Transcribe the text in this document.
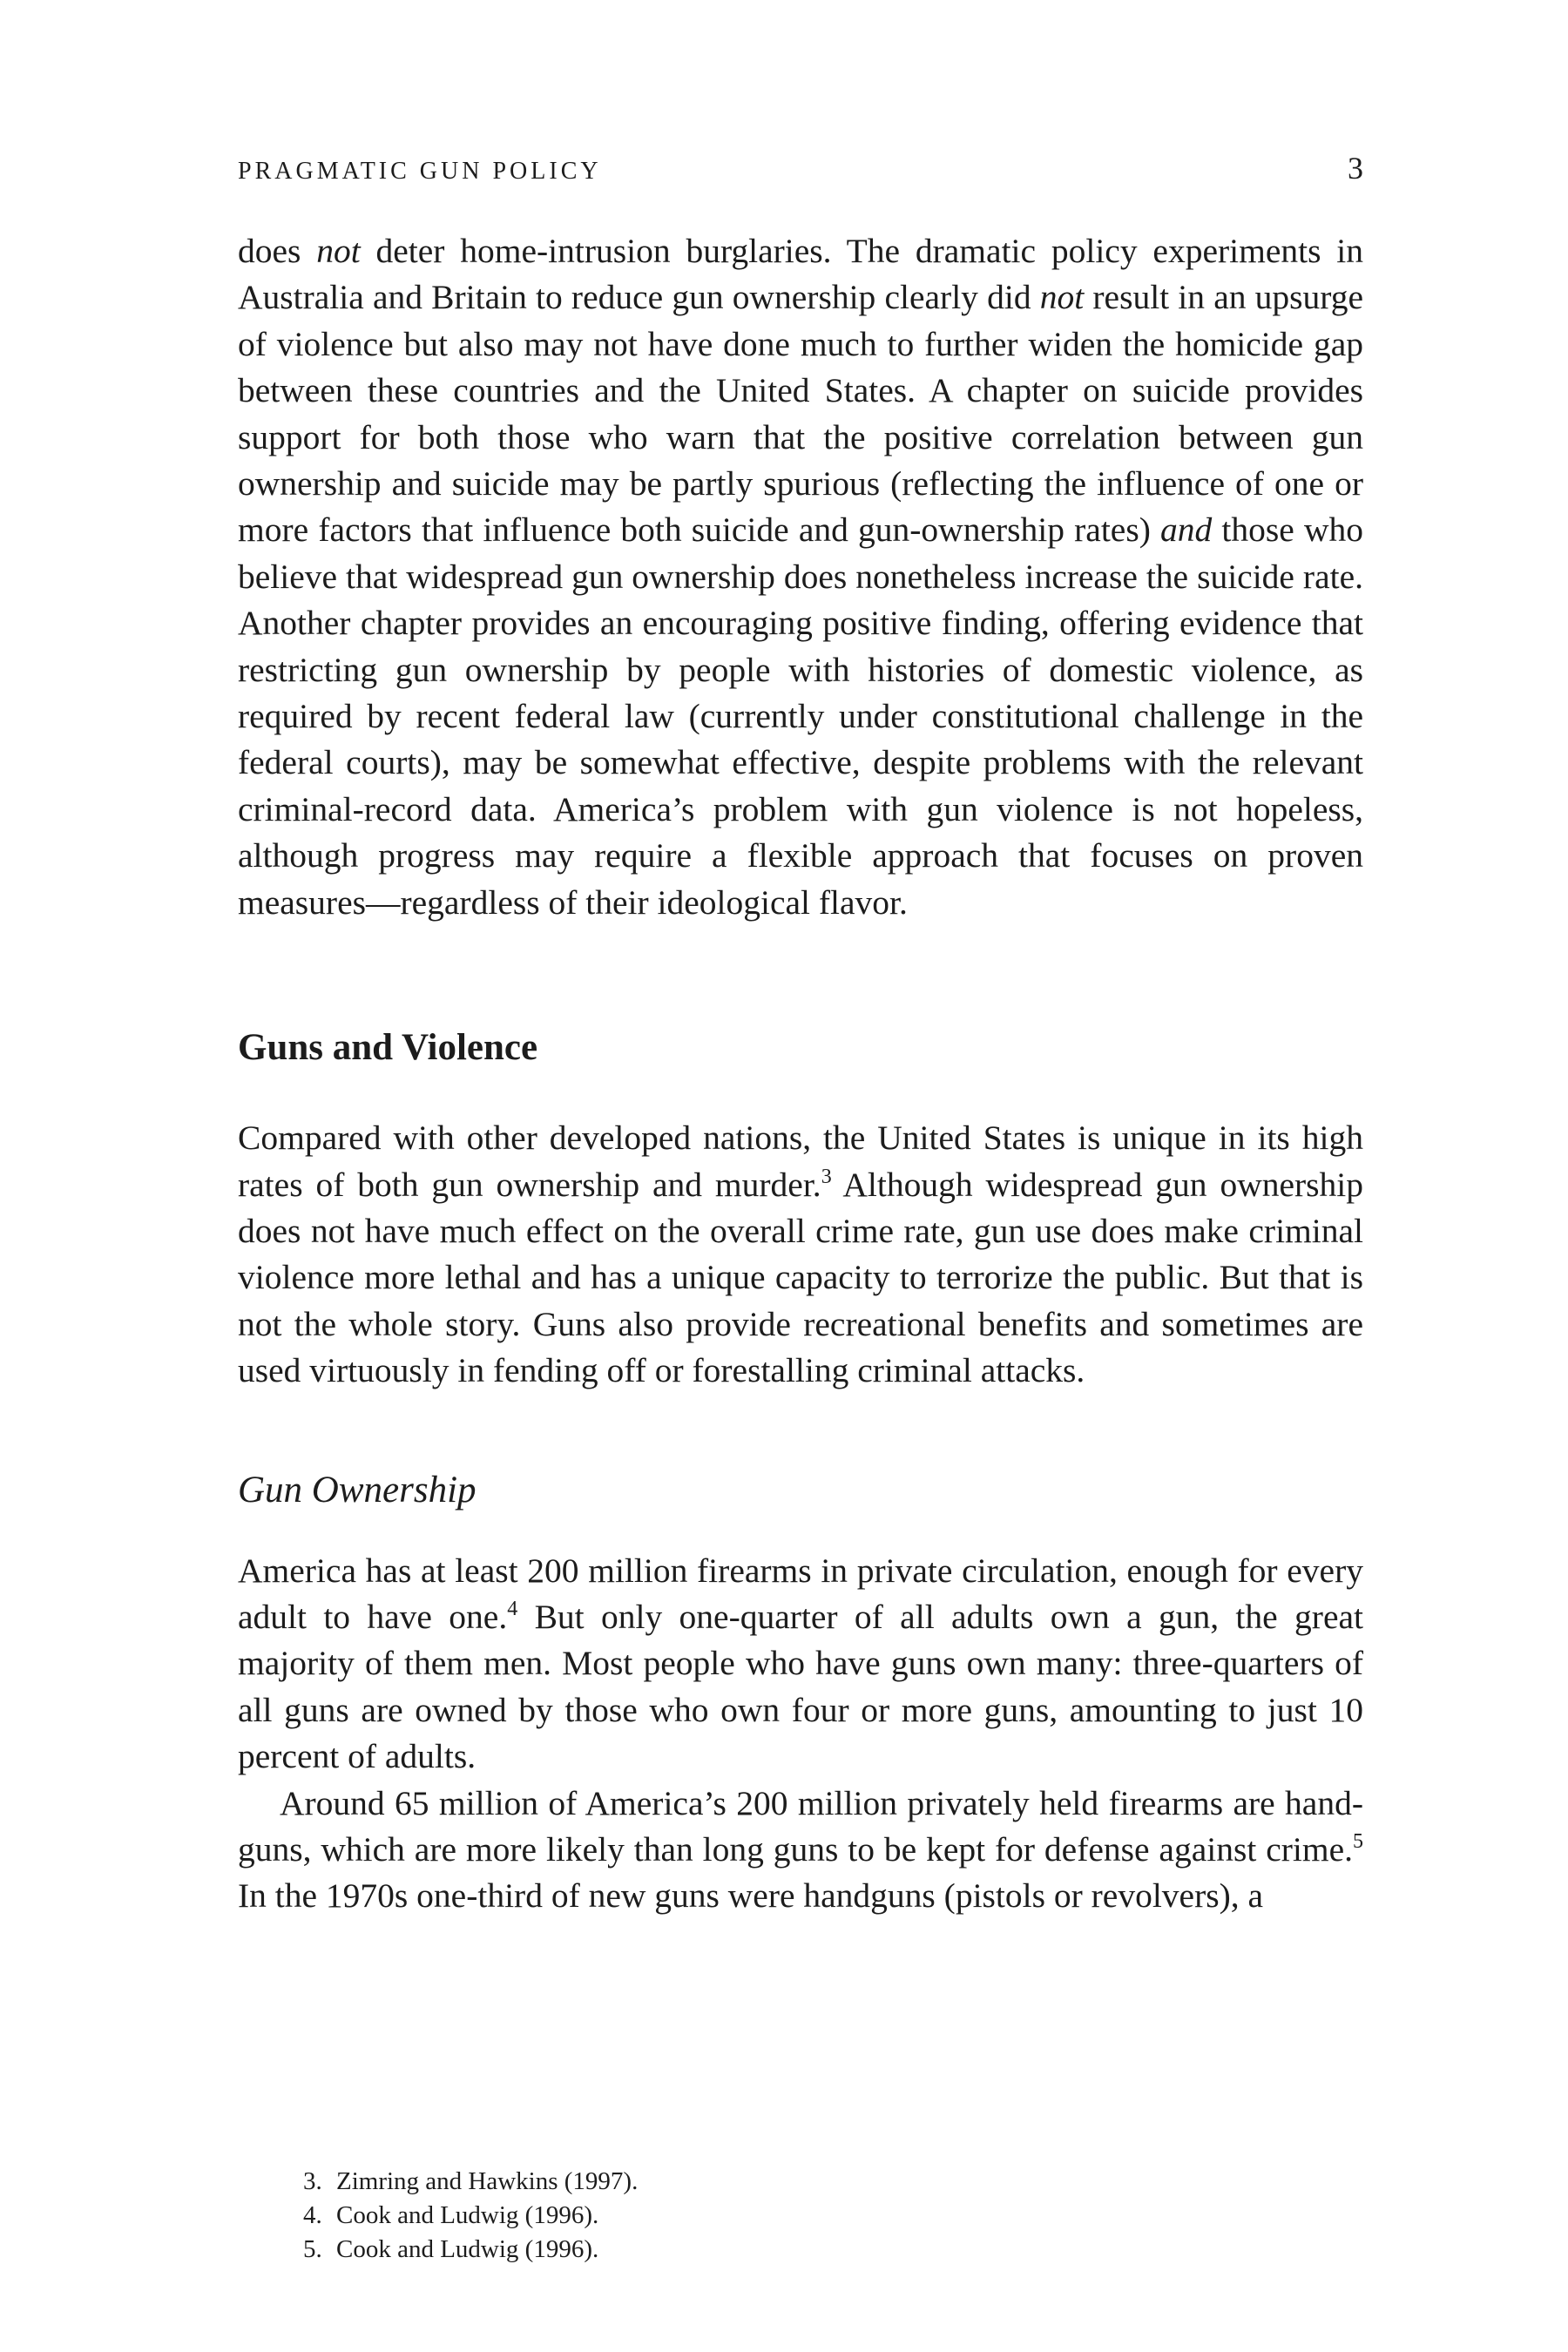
PRAGMATIC GUN POLICY	3

does not deter home-intrusion burglaries. The dramatic policy experiments in Australia and Britain to reduce gun ownership clearly did not result in an upsurge of violence but also may not have done much to further widen the homicide gap between these countries and the United States. A chapter on suicide provides support for both those who warn that the positive correlation between gun ownership and suicide may be partly spurious (reflecting the influence of one or more factors that influence both suicide and gun-ownership rates) and those who believe that widespread gun ownership does nonetheless increase the suicide rate. Another chapter provides an encouraging positive finding, offering evidence that restricting gun ownership by people with histories of domestic violence, as required by recent federal law (currently under constitutional challenge in the federal courts), may be somewhat effective, despite problems with the relevant criminal-record data. America’s problem with gun violence is not hopeless, although progress may require a flexible approach that focuses on proven measures—regardless of their ideological flavor.

Guns and Violence

Compared with other developed nations, the United States is unique in its high rates of both gun ownership and murder.$^3$ Although widespread gun ownership does not have much effect on the overall crime rate, gun use does make criminal violence more lethal and has a unique capacity to terrorize the public. But that is not the whole story. Guns also provide recreational benefits and sometimes are used virtuously in fending off or forestalling criminal attacks.

Gun Ownership

America has at least 200 million firearms in private circulation, enough for every adult to have one.$^4$ But only one-quarter of all adults own a gun, the great majority of them men. Most people who have guns own many: three-quarters of all guns are owned by those who own four or more guns, amounting to just 10 percent of adults.

Around 65 million of America’s 200 million privately held firearms are handguns, which are more likely than long guns to be kept for defense against crime.$^5$ In the 1970s one-third of new guns were handguns (pistols or revolvers), a

3. Zimring and Hawkins (1997).
4. Cook and Ludwig (1996).
5. Cook and Ludwig (1996).
